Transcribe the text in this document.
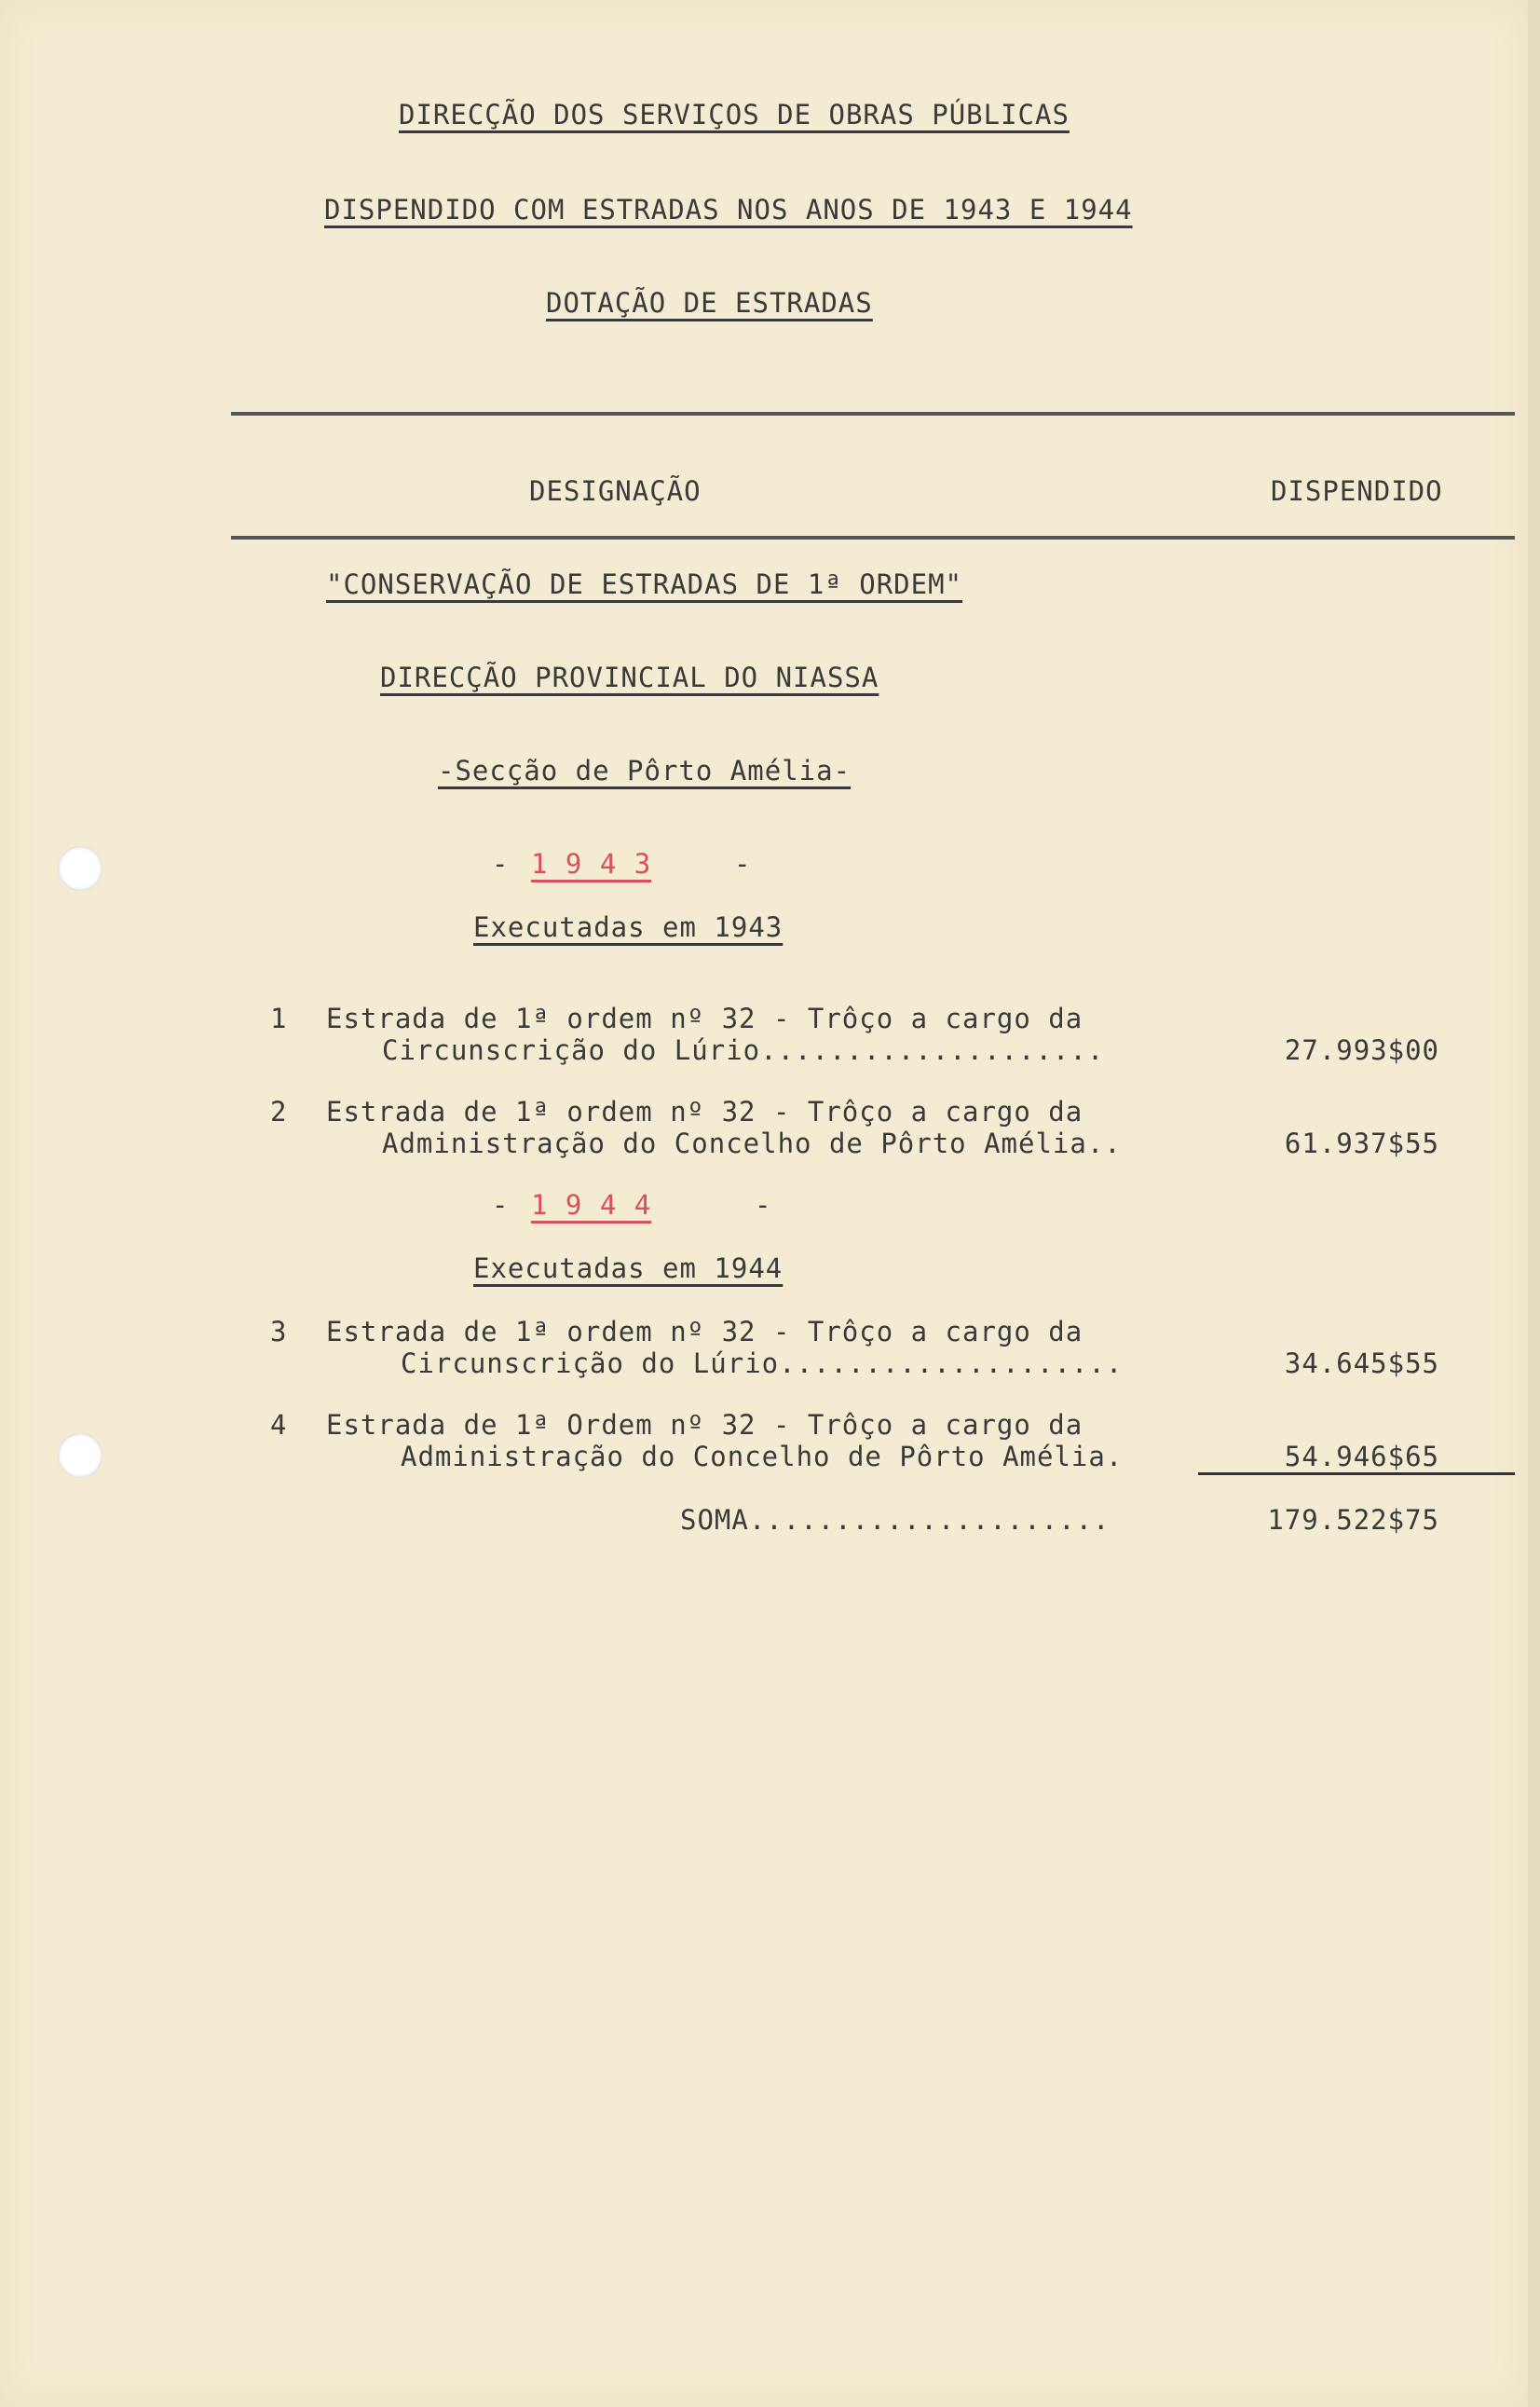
DIRECÇÃO DOS SERVIÇOS DE OBRAS PÚBLICAS
DISPENDIDO COM ESTRADAS NOS ANOS DE 1943 E 1944
DOTAÇÃO DE ESTRADAS
DESIGNAÇÃO	DISPENDIDO
"CONSERVAÇÃO DE ESTRADAS DE 1ª ORDEM"
DIRECÇÃO PROVINCIAL DO NIASSA
-Secção de Pôrto Amélia-
- 1 9 4 3	-
Executadas em 1943
1 Estrada de 1ª ordem nº 32 - Trôço a cargo da
Circunscrição do Lúrio....................	27.993$00
2 Estrada de 1ª ordem nº 32 - Trôço a cargo da
Administração do Concelho de Pôrto Amélia..	61.937$55
- 1 9 4 4	-
Executadas em 1944
3 Estrada de 1ª ordem nº 32 - Trôço a cargo da
Circunscrição do Lúrio....................	34.645$55
4 Estrada de 1ª Ordem nº 32 - Trôço a cargo da
Administração do Concelho de Pôrto Amélia.	54.946$65
SOMA.....................	179.522$75
